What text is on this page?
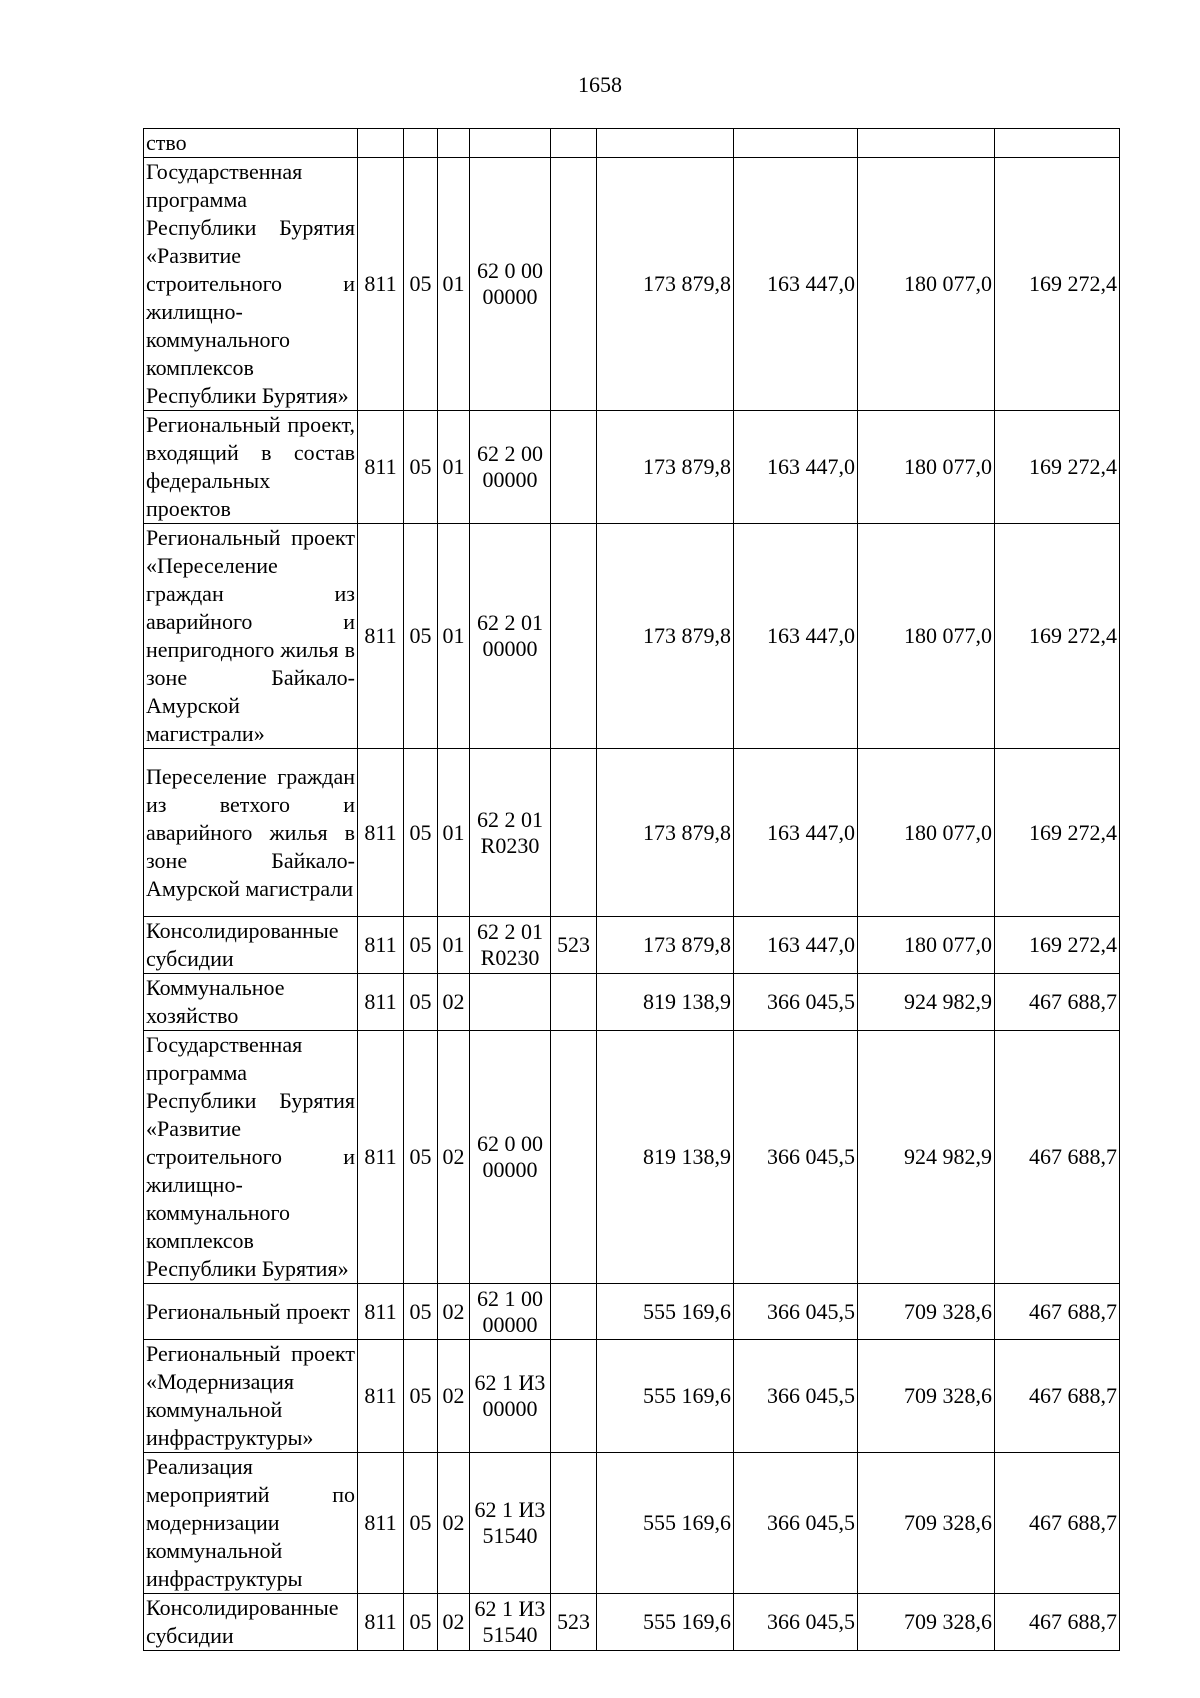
1658
ство									
Государственная программа Республики Бурятия «Развитие строительного и жилищно-коммунального комплексов Республики Бурятия»	811	05	01	62 0 00 00000		173 879,8	163 447,0	180 077,0	169 272,4
Региональный проект, входящий в состав федеральных проектов	811	05	01	62 2 00 00000		173 879,8	163 447,0	180 077,0	169 272,4
Региональный проект «Переселение граждан из аварийного и непригодного жилья в зоне Байкало-Амурской магистрали»	811	05	01	62 2 01 00000		173 879,8	163 447,0	180 077,0	169 272,4
Переселение граждан из ветхого и аварийного жилья в зоне Байкало-Амурской магистрали	811	05	01	62 2 01 R0230		173 879,8	163 447,0	180 077,0	169 272,4
Консолидированные субсидии	811	05	01	62 2 01 R0230	523	173 879,8	163 447,0	180 077,0	169 272,4
Коммунальное хозяйство	811	05	02			819 138,9	366 045,5	924 982,9	467 688,7
Государственная программа Республики Бурятия «Развитие строительного и жилищно-коммунального комплексов Республики Бурятия»	811	05	02	62 0 00 00000		819 138,9	366 045,5	924 982,9	467 688,7
Региональный проект	811	05	02	62 1 00 00000		555 169,6	366 045,5	709 328,6	467 688,7
Региональный проект «Модернизация коммунальной инфраструктуры»	811	05	02	62 1 И3 00000		555 169,6	366 045,5	709 328,6	467 688,7
Реализация мероприятий по модернизации коммунальной инфраструктуры	811	05	02	62 1 И3 51540		555 169,6	366 045,5	709 328,6	467 688,7
Консолидированные субсидии	811	05	02	62 1 И3 51540	523	555 169,6	366 045,5	709 328,6	467 688,7
